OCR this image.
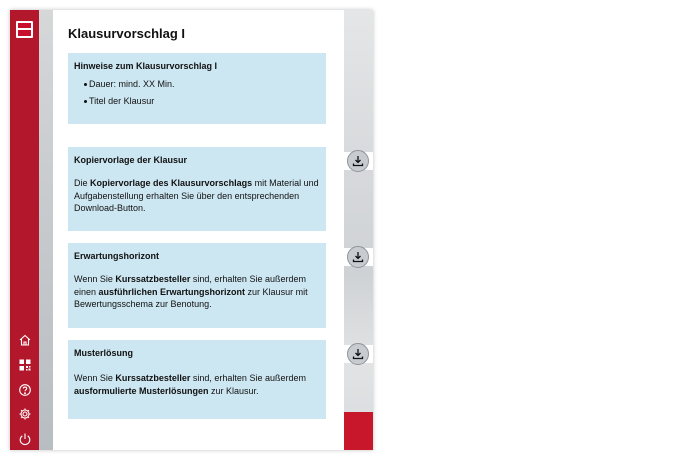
Klausurvorschlag I
Hinweise zum Klausurvorschlag I
Dauer: mind. XX Min.
Titel der Klausur
Kopiervorlage der Klausur

Die Kopiervorlage des Klausurvorschlags mit Material und Aufgabenstellung erhalten Sie über den entsprechenden Download-Button.

Erwartungshorizont

Wenn Sie Kurssatzbesteller sind, erhalten Sie außerdem einen ausführlichen Erwartungshorizont zur Klausur mit Bewertungsschema zur Benotung.

Musterlösung

Wenn Sie Kurssatzbesteller sind, erhalten Sie außerdem ausformulierte Musterlösungen zur Klausur.
